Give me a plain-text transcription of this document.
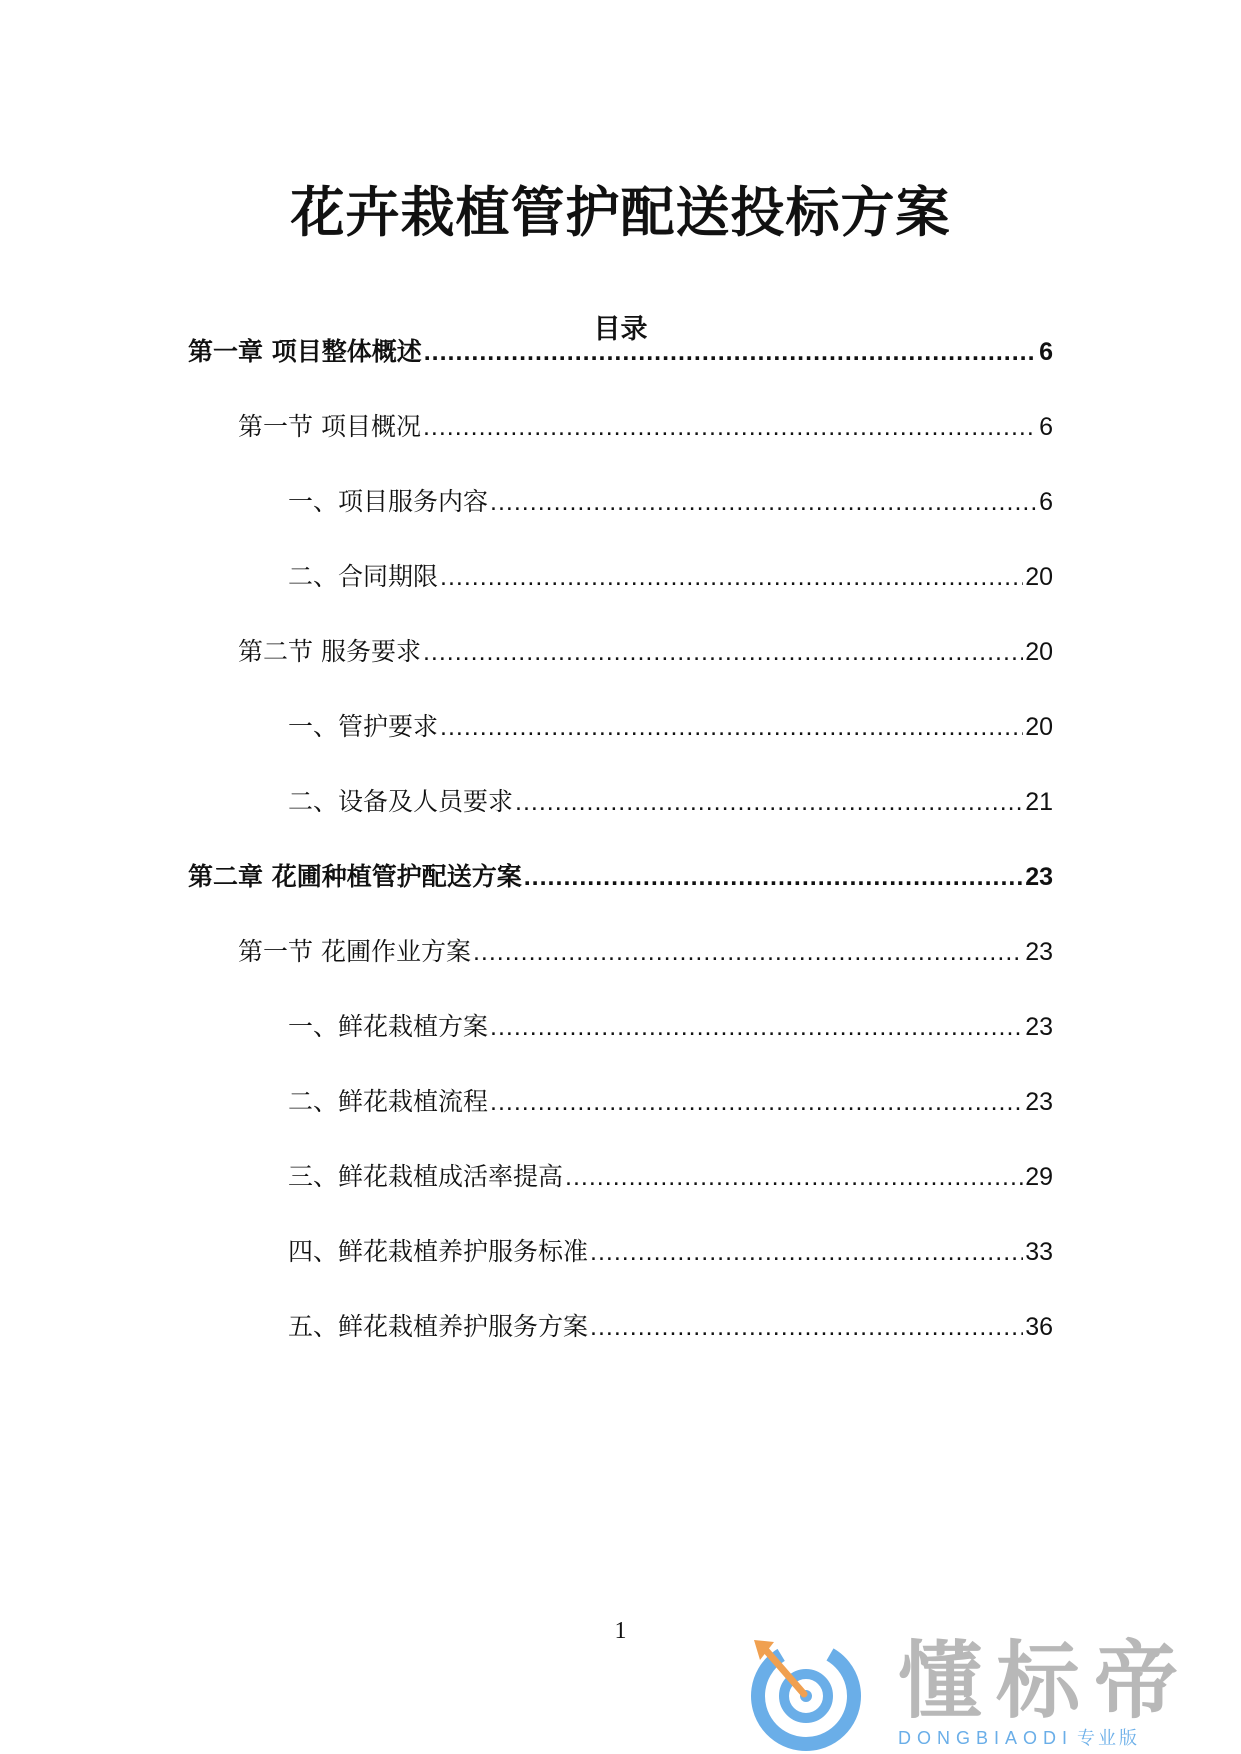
花卉栽植管护配送投标方案
目录
第一章 项目整体概述 .....	6
第一节 项目概况 .....	6
一、项目服务内容 .....	6
二、合同期限 .....	20
第二节 服务要求 .....	20
一、管护要求 .....	20
二、设备及人员要求 .....	21
第二章 花圃种植管护配送方案 .....	23
第一节 花圃作业方案 .....	23
一、鲜花栽植方案 .....	23
二、鲜花栽植流程 .....	23
三、鲜花栽植成活率提高 .....	29
四、鲜花栽植养护服务标准 .....	33
五、鲜花栽植养护服务方案 .....	36
1
懂标帝
DONGBIAODI 专业版
